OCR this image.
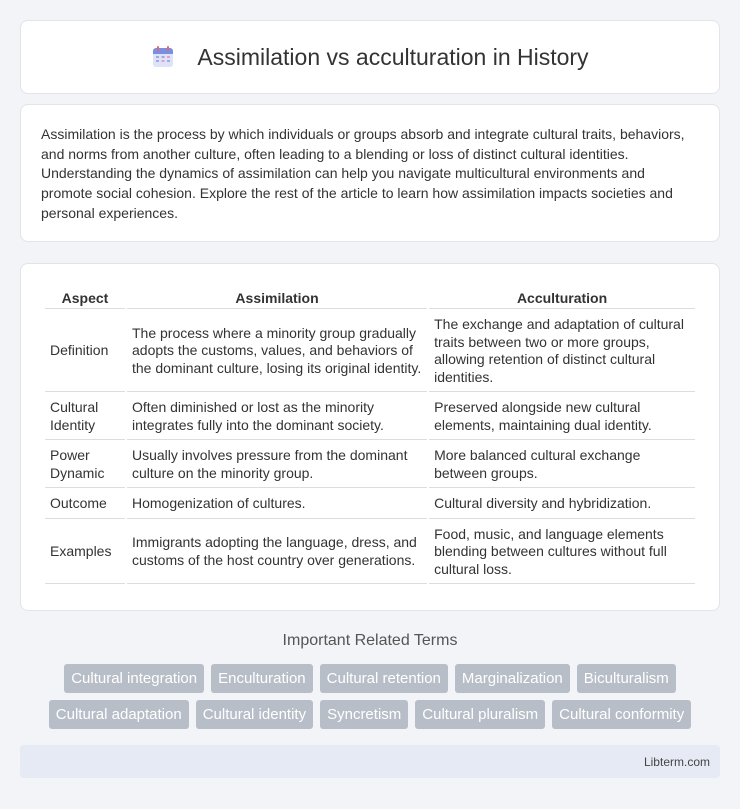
Assimilation vs acculturation in History

Assimilation is the process by which individuals or groups absorb and integrate cultural traits, behaviors, and norms from another culture, often leading to a blending or loss of distinct cultural identities. Understanding the dynamics of assimilation can help you navigate multicultural environments and promote social cohesion. Explore the rest of the article to learn how assimilation impacts societies and personal experiences.

Aspect	Assimilation	Acculturation
Definition	The process where a minority group gradually adopts the customs, values, and behaviors of the dominant culture, losing its original identity.	The exchange and adaptation of cultural traits between two or more groups, allowing retention of distinct cultural identities.
Cultural Identity	Often diminished or lost as the minority integrates fully into the dominant society.	Preserved alongside new cultural elements, maintaining dual identity.
Power Dynamic	Usually involves pressure from the dominant culture on the minority group.	More balanced cultural exchange between groups.
Outcome	Homogenization of cultures.	Cultural diversity and hybridization.
Examples	Immigrants adopting the language, dress, and customs of the host country over generations.	Food, music, and language elements blending between cultures without full cultural loss.
Important Related Terms
Cultural integration	Enculturation	Cultural retention	Marginalization	Biculturalism
Cultural adaptation	Cultural identity	Syncretism	Cultural pluralism	Cultural conformity
Libterm.com
